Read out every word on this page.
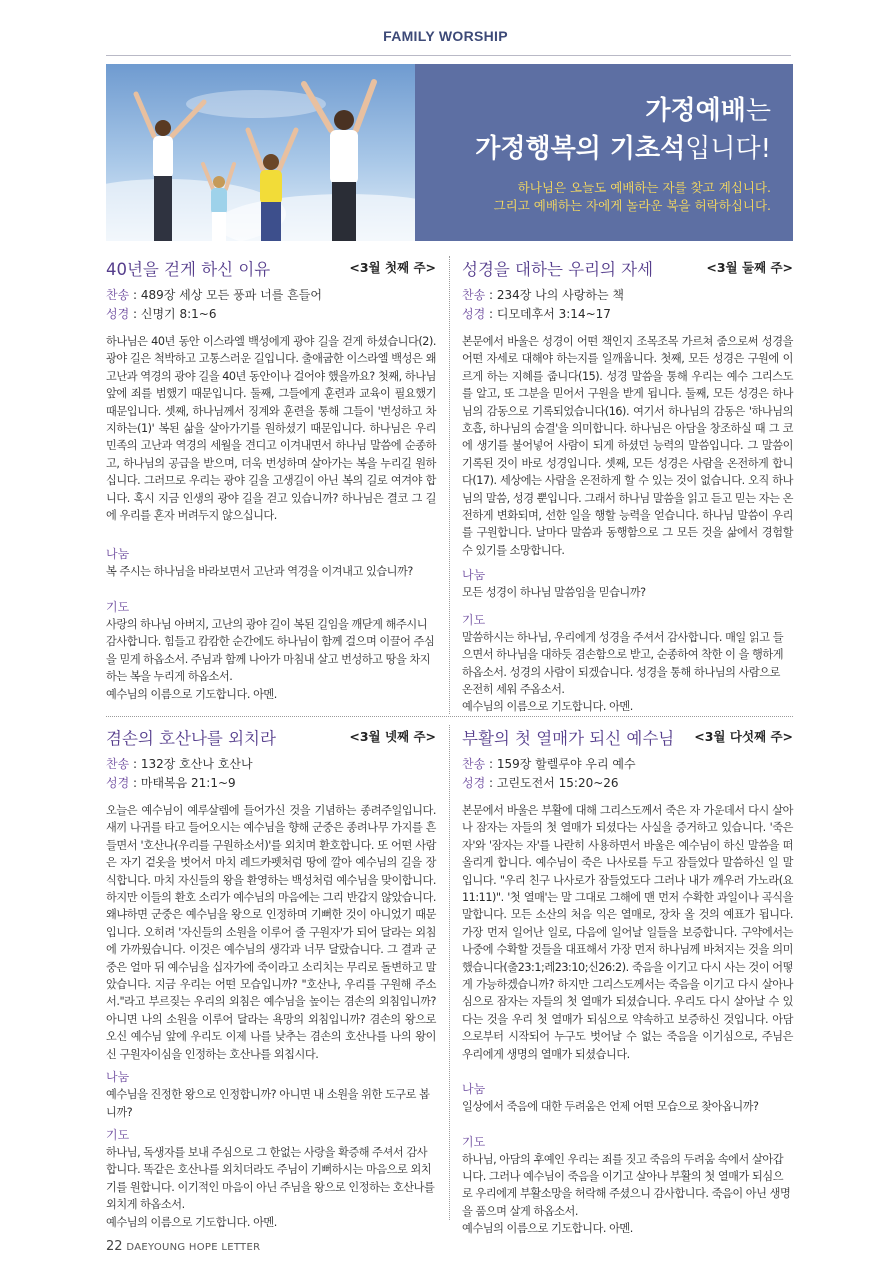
FAMILY WORSHIP
가정예배는
가정행복의 기초석입니다!
하나님은 오늘도 예배하는 자를 찾고 계십니다.
그리고 예배하는 자에게 놀라운 복을 허락하십니다.
40년을 걷게 하신 이유	<3월 첫째 주>
찬송 : 489장 세상 모든 풍파 너를 흔들어
성경 : 신명기 8:1~6
하나님은 40년 동안 이스라엘 백성에게 광야 길을 걷게 하셨습니다(2). 광야 길은 척박하고 고통스러운 길입니다. 출애굽한 이스라엘 백성은 왜 고난과 역경의 광야 길을 40년 동안이나 걸어야 했을까요? 첫째, 하나님 앞에 죄를 범했기 때문입니다. 둘째, 그들에게 훈련과 교육이 필요했기 때문입니다. 셋째, 하나님께서 징계와 훈련을 통해 그들이 '번성하고 차지하는(1)' 복된 삶을 살아가기를 원하셨기 때문입니다. 하나님은 우리 민족의 고난과 역경의 세월을 견디고 이겨내면서 하나님 말씀에 순종하고, 하나님의 공급을 받으며, 더욱 번성하며 살아가는 복을 누리길 원하십니다. 그러므로 우리는 광야 길을 고생길이 아닌 복의 길로 여겨야 합니다. 혹시 지금 인생의 광야 길을 걷고 있습니까? 하나님은 결코 그 길에 우리를 혼자 버려두지 않으십니다.
나눔
복 주시는 하나님을 바라보면서 고난과 역경을 이겨내고 있습니까?
기도

사랑의 하나님 아버지, 고난의 광야 길이 복된 길임을 깨닫게 해주시니 감사합니다. 힘들고 캄캄한 순간에도 하나님이 함께 걸으며 이끌어 주심을 믿게 하옵소서. 주님과 함께 나아가 마침내 살고 번성하고 땅을 차지하는 복을 누리게 하옵소서.

예수님의 이름으로 기도합니다. 아멘.

성경을 대하는 우리의 자세	<3월 둘째 주>
찬송 : 234장 나의 사랑하는 책
성경 : 디모데후서 3:14~17
본문에서 바울은 성경이 어떤 책인지 조목조목 가르쳐 줌으로써 성경을 어떤 자세로 대해야 하는지를 일깨웁니다. 첫째, 모든 성경은 구원에 이르게 하는 지혜를 줍니다(15). 성경 말씀을 통해 우리는 예수 그리스도를 알고, 또 그분을 믿어서 구원을 받게 됩니다. 둘째, 모든 성경은 하나님의 감동으로 기록되었습니다(16). 여기서 하나님의 감동은 '하나님의 호흡, 하나님의 숨결'을 의미합니다. 하나님은 아담을 창조하실 때 그 코에 생기를 불어넣어 사람이 되게 하셨던 능력의 말씀입니다. 그 말씀이 기록된 것이 바로 성경입니다. 셋째, 모든 성경은 사람을 온전하게 합니다(17). 세상에는 사람을 온전하게 할 수 있는 것이 없습니다. 오직 하나님의 말씀, 성경 뿐입니다. 그래서 하나님 말씀을 읽고 듣고 믿는 자는 온전하게 변화되며, 선한 일을 행할 능력을 얻습니다. 하나님 말씀이 우리를 구원합니다. 날마다 말씀과 동행함으로 그 모든 것을 삶에서 경험할 수 있기를 소망합니다.
나눔
모든 성경이 하나님 말씀임을 믿습니까?
기도

말씀하시는 하나님, 우리에게 성경을 주셔서 감사합니다. 매일 읽고 들으면서 하나님을 대하듯 겸손함으로 받고, 순종하여 착한 이 을 행하게 하옵소서. 성경의 사람이 되겠습니다. 성경을 통해 하나님의 사람으로 온전히 세워 주옵소서.

예수님의 이름으로 기도합니다. 아멘.

겸손의 호산나를 외치라	<3월 넷째 주>
찬송 : 132장 호산나 호산나
성경 : 마태복음 21:1~9
오늘은 예수님이 예루살렘에 들어가신 것을 기념하는 종려주일입니다. 새끼 나귀를 타고 들어오시는 예수님을 향해 군중은 종려나무 가지를 흔들면서 '호산나(우리를 구원하소서)'를 외치며 환호합니다. 또 어떤 사람은 자기 겉옷을 벗어서 마치 레드카펫처럼 땅에 깔아 예수님의 길을 장식합니다. 마치 자신들의 왕을 환영하는 백성처럼 예수님을 맞이합니다. 하지만 이들의 환호 소리가 예수님의 마음에는 그리 반갑지 않았습니다. 왜냐하면 군중은 예수님을 왕으로 인정하며 기뻐한 것이 아니었기 때문입니다. 오히려 '자신들의 소원을 이루어 줄 구원자'가 되어 달라는 외침에 가까웠습니다. 이것은 예수님의 생각과 너무 달랐습니다. 그 결과 군중은 얼마 뒤 예수님을 십자가에 죽이라고 소리치는 무리로 돌변하고 말았습니다. 지금 우리는 어떤 모습입니까? "호산나, 우리를 구원해 주소서."라고 부르짖는 우리의 외침은 예수님을 높이는 겸손의 외침입니까? 아니면 나의 소원을 이루어 달라는 욕망의 외침입니까? 겸손의 왕으로 오신 예수님 앞에 우리도 이제 나를 낮추는 겸손의 호산나를 나의 왕이신 구원자이심을 인정하는 호산나를 외칩시다.
나눔
예수님을 진정한 왕으로 인정합니까? 아니면 내 소원을 위한 도구로 봅니까?
기도

하나님, 독생자를 보내 주심으로 그 한없는 사랑을 확증해 주셔서 감사합니다. 똑같은 호산나를 외치더라도 주님이 기뻐하시는 마음으로 외치기를 원합니다. 이기적인 마음이 아닌 주님을 왕으로 인정하는 호산나를 외치게 하옵소서.

예수님의 이름으로 기도합니다. 아멘.

부활의 첫 열매가 되신 예수님	<3월 다섯째 주>
찬송 : 159장 할렐루야 우리 예수
성경 : 고린도전서 15:20~26
본문에서 바울은 부활에 대해 그리스도께서 죽은 자 가운데서 다시 살아나 잠자는 자들의 첫 열매가 되셨다는 사실을 증거하고 있습니다. '죽은 자'와 '잠자는 자'를 나란히 사용하면서 바울은 예수님이 하신 말씀을 떠올리게 합니다. 예수님이 죽은 나사로를 두고 잠들었다 말씀하신 일 말입니다. "우리 친구 나사로가 잠들었도다 그러나 내가 깨우러 가노라(요11:11)". '첫 열매'는 말 그대로 그해에 맨 먼저 수확한 과일이나 곡식을 말합니다. 모든 소산의 처음 익은 열매로, 장차 올 것의 예표가 됩니다. 가장 먼저 일어난 일로, 다음에 일어날 일들을 보증합니다. 구약에서는 나중에 수확할 것들을 대표해서 가장 먼저 하나님께 바쳐지는 것을 의미했습니다(출23:1;레23:10;신26:2). 죽음을 이기고 다시 사는 것이 어떻게 가능하겠습니까? 하지만 그리스도께서는 죽음을 이기고 다시 살아나심으로 잠자는 자들의 첫 열매가 되셨습니다. 우리도 다시 살아날 수 있다는 것을 우리 첫 열매가 되심으로 약속하고 보증하신 것입니다. 아담으로부터 시작되어 누구도 벗어날 수 없는 죽음을 이기심으로, 주님은 우리에게 생명의 열매가 되셨습니다.
나눔
일상에서 죽음에 대한 두려움은 언제 어떤 모습으로 찾아옵니까?
기도

하나님, 아담의 후예인 우리는 죄를 짓고 죽음의 두려움 속에서 살아갑니다. 그러나 예수님이 죽음을 이기고 살아나 부활의 첫 열매가 되심으로 우리에게 부활소망을 허락해 주셨으니 감사합니다. 죽음이 아닌 생명을 품으며 살게 하옵소서.

예수님의 이름으로 기도합니다. 아멘.

22 DAEYOUNG HOPE LETTER
